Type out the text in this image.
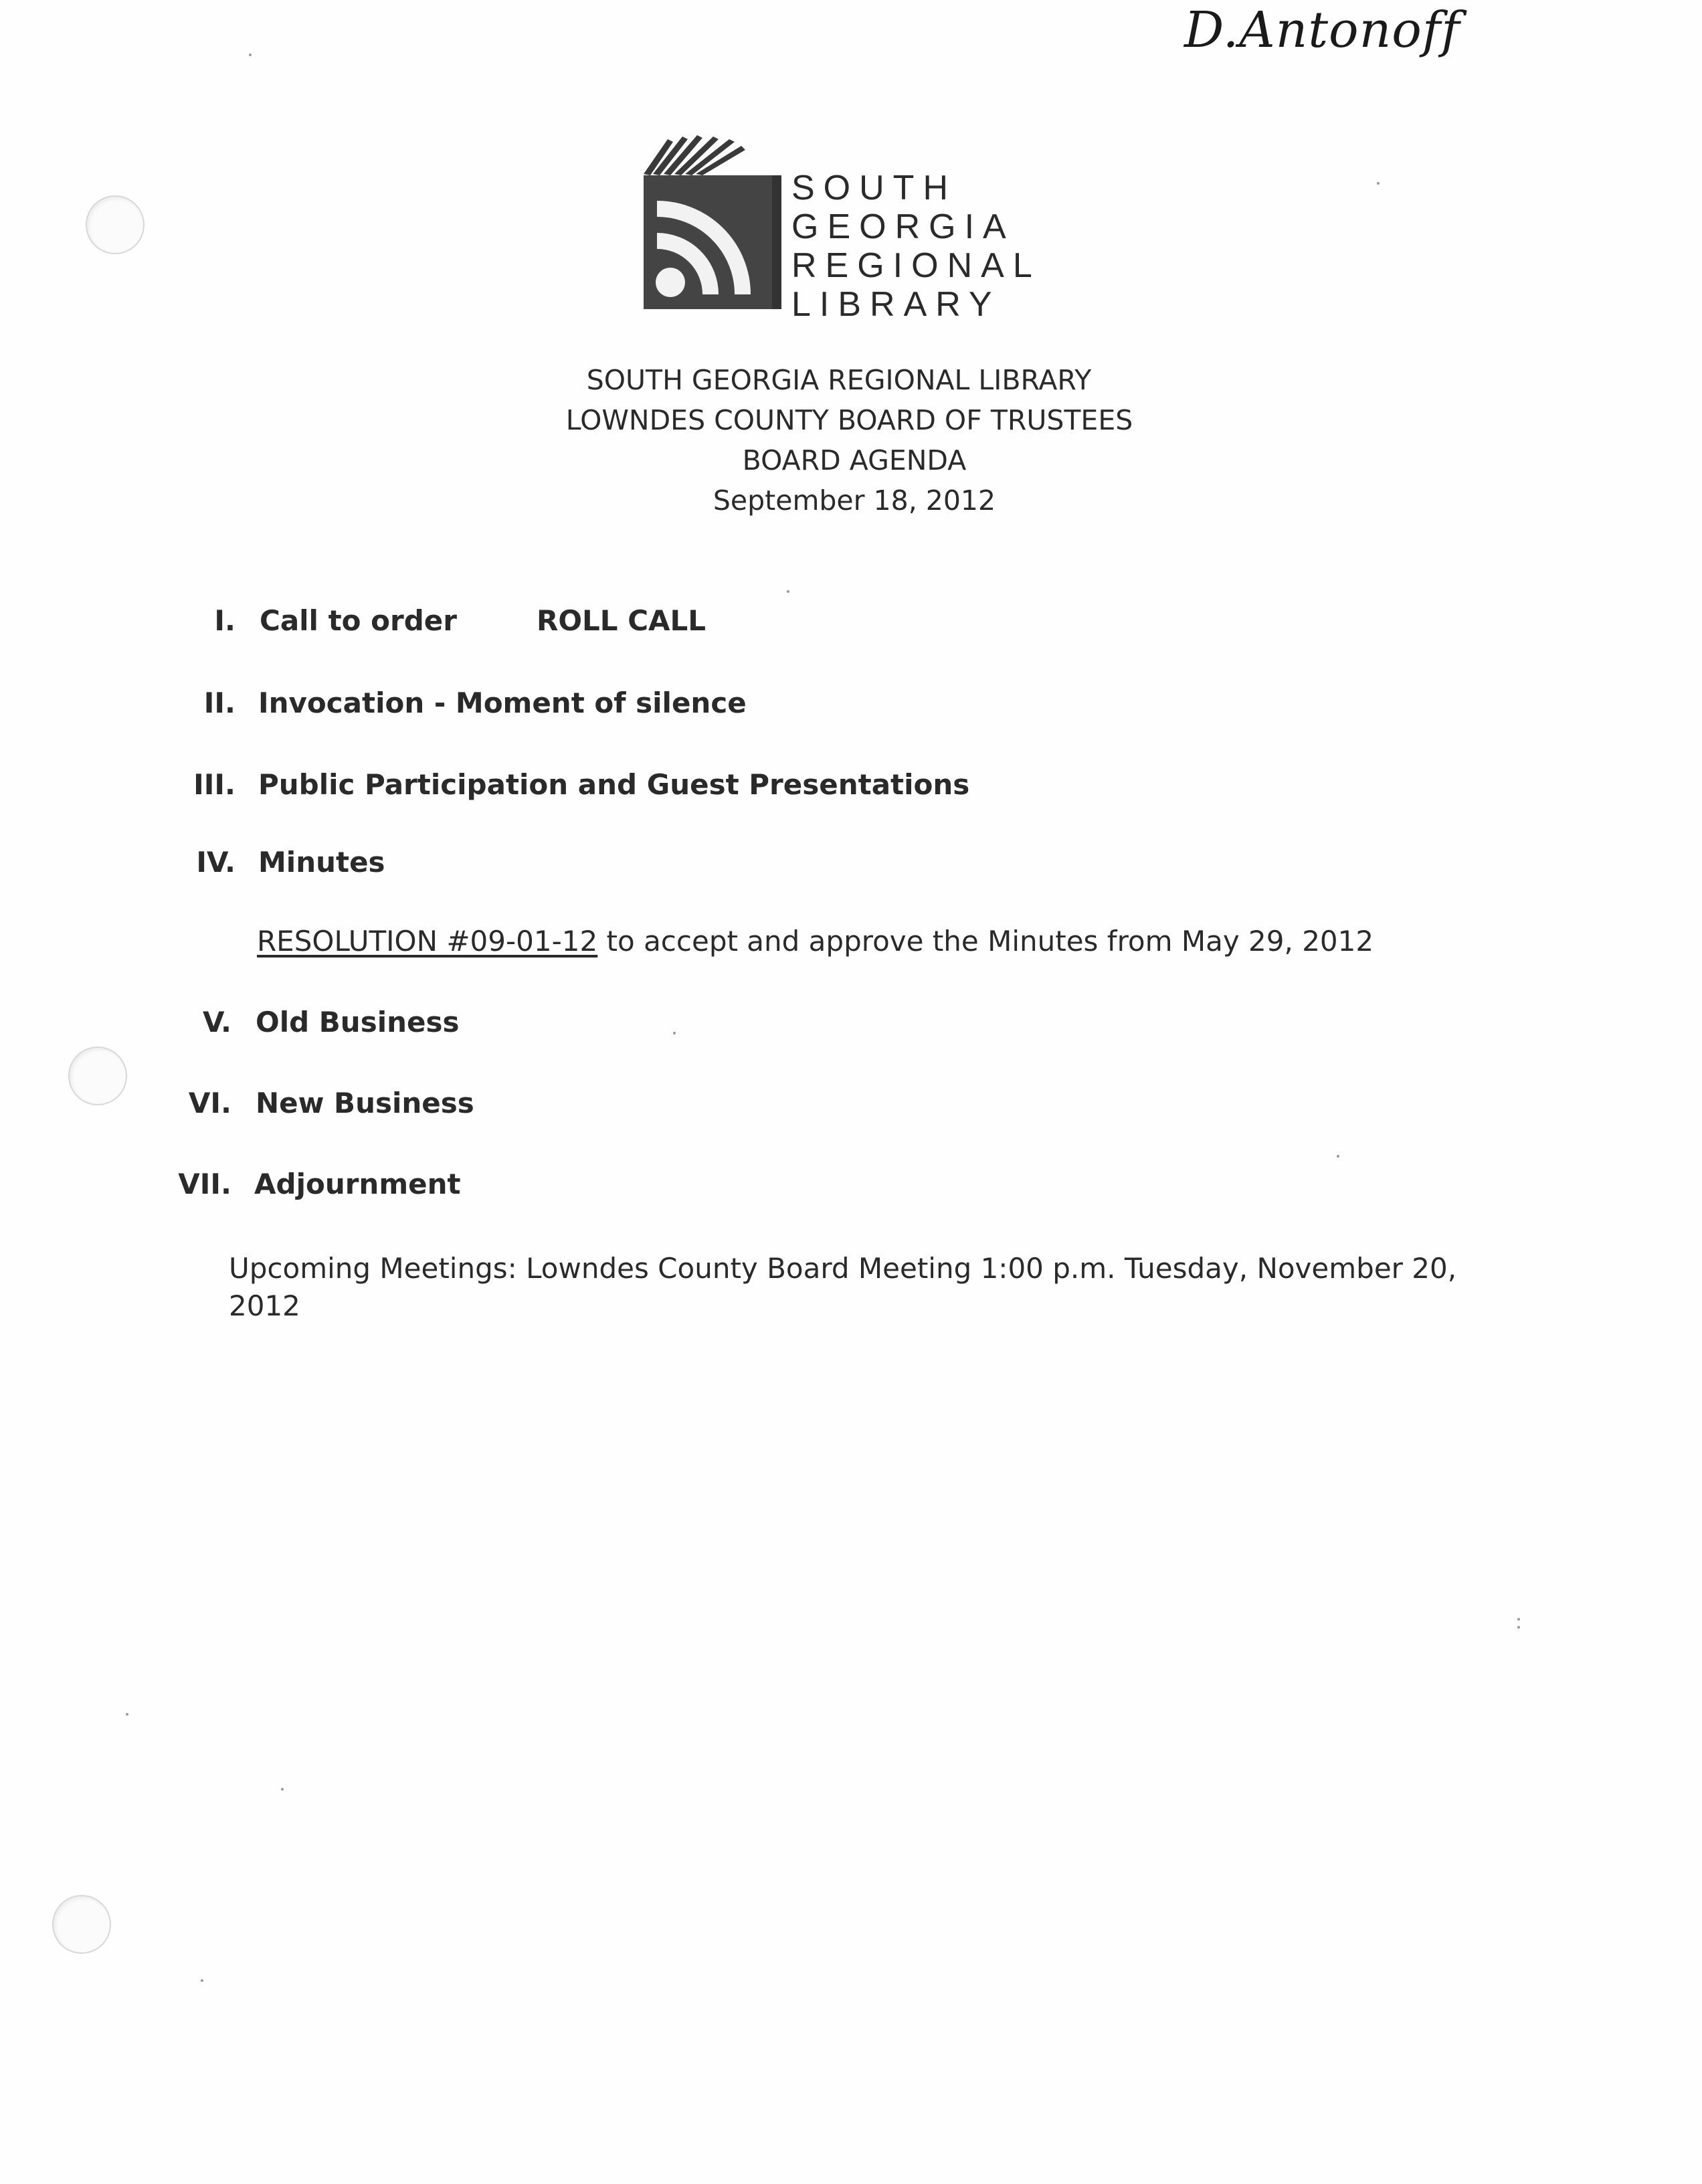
D.Antonoff
SOUTH
GEORGIA
REGIONAL
LIBRARY
SOUTH GEORGIA REGIONAL LIBRARY
LOWNDES COUNTY BOARD OF TRUSTEES
BOARD AGENDA
September 18, 2012
I. Call to order	ROLL CALL
II. Invocation - Moment of silence
III. Public Participation and Guest Presentations
IV. Minutes
RESOLUTION #09-01-12 to accept and approve the Minutes from May 29, 2012
V. Old Business
VI. New Business
VII. Adjournment
Upcoming Meetings: Lowndes County Board Meeting 1:00 p.m. Tuesday, November 20, 2012
